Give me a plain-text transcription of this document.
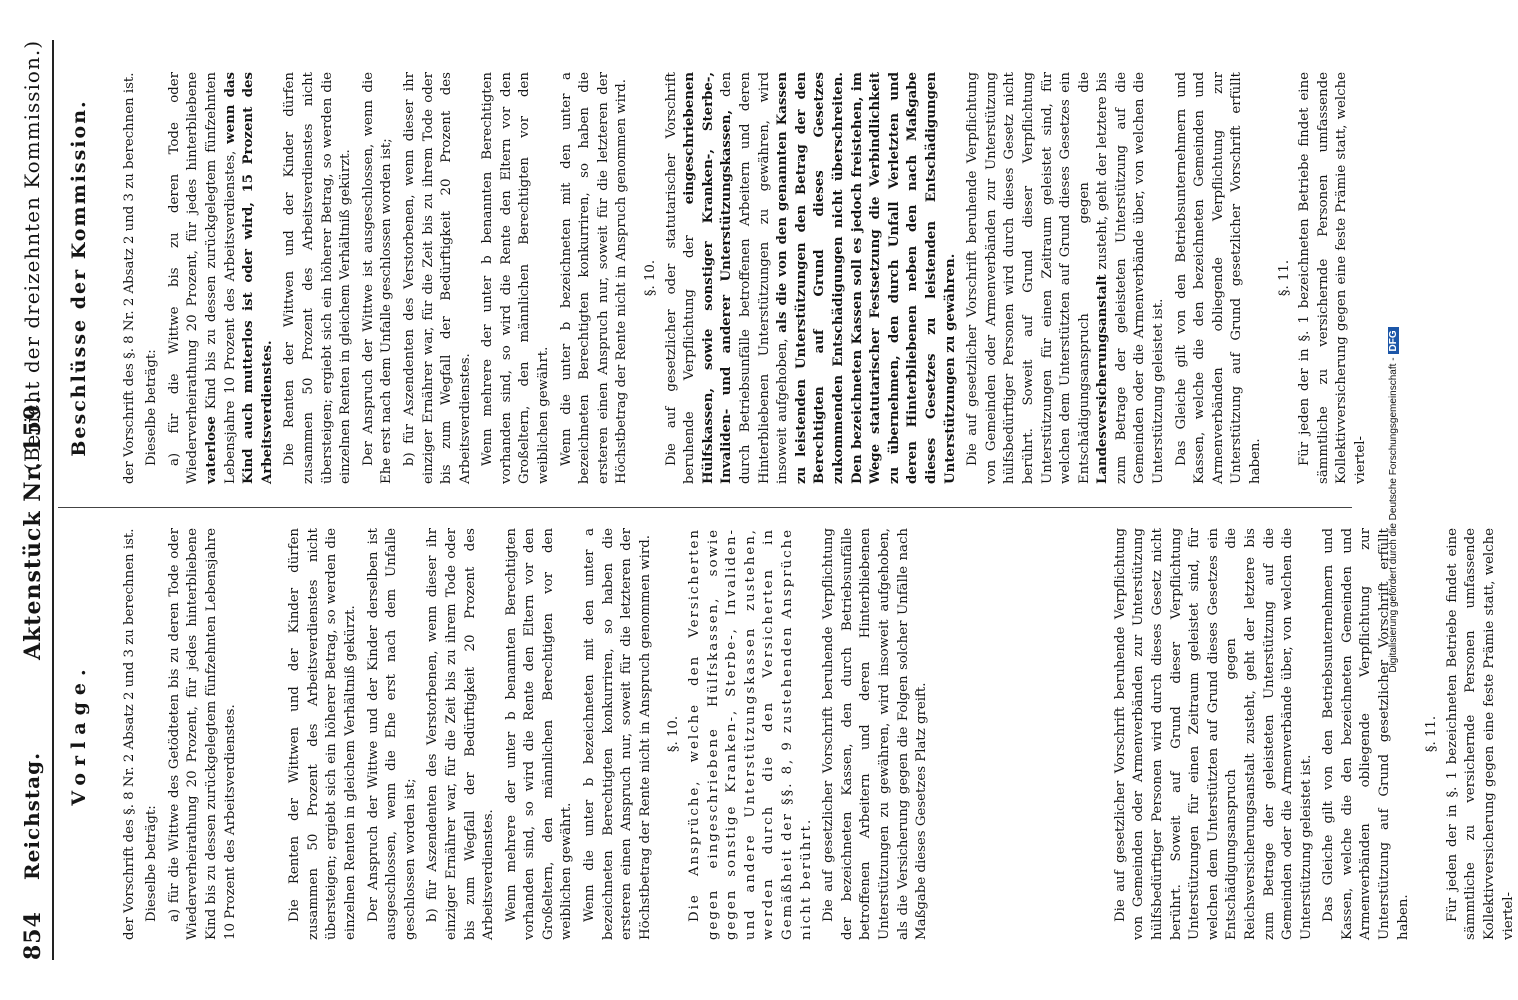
854
Reichstag.
Aktenstück Nr. 159.
(Bericht der dreizehnten Kommission.)
Vorlage. der Vorschrift des §. 8 Nr. 2 Absatz 2 und 3 zu berechnen ist. Dieselbe beträgt: a) für die Wittwe des Getödteten bis zu deren Tode oder Wiederverheirathung 20 Prozent, für jedes hinterbliebene Kind bis zu dessen zurückgelegtem fünfzehnten Lebensjahre 10 Prozent des Arbeitsverdienstes.	Die Renten der Wittwen und der Kinder dürfen zusammen 50 Prozent des Arbeitsverdienstes nicht übersteigen; ergiebt sich ein höherer Betrag, so werden die einzelnen Renten in gleichem Verhältniß gekürzt. Der Anspruch der Wittwe und der Kinder derselben ist ausgeschlossen, wenn die Ehe erst nach dem Unfalle geschlossen worden ist; b) für Aszendenten des Verstorbenen, wenn dieser ihr einziger Ernährer war, für die Zeit bis zu ihrem Tode oder bis zum Wegfall der Bedürftigkeit 20 Prozent des Arbeitsverdienstes. Wenn mehrere der unter b benannten Berechtigten vorhanden sind, so wird die Rente den Eltern vor den Großeltern, den männlichen Berechtigten vor den weiblichen gewährt. Wenn die unter b bezeichneten mit den unter a bezeichneten Berechtigten konkurriren, so haben die ersteren einen Anspruch nur, soweit für die letzteren der Höchstbetrag der Rente nicht in Anspruch genommen wird. §. 10. Die Ansprüche, welche den Versicherten gegen eingeschriebene Hülfskassen, sowie gegen sonstige Kranken-, Sterbe-, Invaliden- und andere Unterstützungskassen zustehen, werden durch die den Versicherten in Gemäßheit der §§. 8, 9 zustehenden Ansprüche nicht berührt. Die auf gesetzlicher Vorschrift beruhende Verpflichtung der bezeichneten Kassen, den durch Betriebsunfälle betroffenen Arbeitern und deren Hinterbliebenen Unterstützungen zu gewähren, wird insoweit aufgehoben, als die Versicherung gegen die Folgen solcher Unfälle nach Maßgabe dieses Gesetzes Platz greift.	Die auf gesetzlicher Vorschrift beruhende Verpflichtung von Gemeinden oder Armenverbänden zur Unterstützung hülfsbedürftiger Personen wird durch dieses Gesetz nicht berührt. Soweit auf Grund dieser Verpflichtung Unterstützungen für einen Zeitraum geleistet sind, für welchen dem Unterstützten auf Grund dieses Gesetzes ein Entschädigungsanspruch gegen die Reichsversicherungsanstalt zusteht, geht der letztere bis zum Betrage der geleisteten Unterstützung auf die Gemeinden oder die Armenverbände über, von welchen die Unterstützung geleistet ist. Das Gleiche gilt von den Betriebsunternehmern und Kassen, welche die den bezeichneten Gemeinden und Armenverbänden obliegende Verpflichtung zur Unterstützung auf Grund gesetzlicher Vorschrift erfüllt haben.

§. 11. Für jeden der in §. 1 bezeichneten Betriebe findet eine sämmtliche zu versichernde Personen umfassende Kollektivversicherung gegen eine feste Prämie statt, welche viertel-

Beschlüsse der Kommission. der Vorschrift des §. 8 Nr. 2 Absatz 2 und 3 zu berechnen ist. Dieselbe beträgt: a) für die Wittwe bis zu deren Tode oder Wiederverheirathung 20 Prozent, für jedes hinterbliebene vaterlose Kind bis zu dessen zurückgelegtem fünfzehnten Lebensjahre 10 Prozent des Arbeitsverdienstes, wenn das Kind auch mutterlos ist oder wird, 15 Prozent des Arbeitsverdienstes. Die Renten der Wittwen und der Kinder dürfen zusammen 50 Prozent des Arbeitsverdienstes nicht übersteigen; ergiebt sich ein höherer Betrag, so werden die einzelnen Renten in gleichem Verhältniß gekürzt. Der Anspruch der Wittwe ist ausgeschlossen, wenn die Ehe erst nach dem Unfalle geschlossen worden ist; b) für Aszendenten des Verstorbenen, wenn dieser ihr einziger Ernährer war, für die Zeit bis zu ihrem Tode oder bis zum Wegfall der Bedürftigkeit 20 Prozent des Arbeitsverdienstes. Wenn mehrere der unter b benannten Berechtigten vorhanden sind, so wird die Rente den Eltern vor den Großeltern, den männlichen Berechtigten vor den weiblichen gewährt. Wenn die unter b bezeichneten mit den unter a bezeichneten Berechtigten konkurriren, so haben die ersteren einen Anspruch nur, soweit für die letzteren der Höchstbetrag der Rente nicht in Anspruch genommen wird. §. 10. Die auf gesetzlicher oder statutarischer Vorschrift beruhende Verpflichtung der eingeschriebenen Hülfskassen, sowie sonstiger Kranken-, Sterbe-, Invaliden- und anderer Unterstützungskassen, den durch Betriebsunfälle betroffenen Arbeitern und deren Hinterbliebenen Unterstützungen zu gewähren, wird insoweit aufgehoben, als die von den genannten Kassen zu leistenden Unterstützungen den Betrag der den Berechtigten auf Grund dieses Gesetzes zukommenden Entschädigungen nicht überschreiten. Den bezeichneten Kassen soll es jedoch freistehen, im Wege statutarischer Festsetzung die Verbindlichkeit zu übernehmen, den durch Unfall Verletzten und deren Hinterbliebenen neben den nach Maßgabe dieses Gesetzes zu leistenden Entschädigungen Unterstützungen zu gewähren. Die auf gesetzlicher Vorschrift beruhende Verpflichtung von Gemeinden oder Armenverbänden zur Unterstützung hülfsbedürftiger Personen wird durch dieses Gesetz nicht berührt. Soweit auf Grund dieser Verpflichtung Unterstützungen für einen Zeitraum geleistet sind, für welchen dem Unterstützten auf Grund dieses Gesetzes ein Entschädigungsanspruch gegen die Landesversicherungsanstalt zusteht, geht der letztere bis zum Betrage der geleisteten Unterstützung auf die Gemeinden oder die Armenverbände über, von welchen die Unterstützung geleistet ist. Das Gleiche gilt von den Betriebsunternehmern und Kassen, welche die den bezeichneten Gemeinden und Armenverbänden obliegende Verpflichtung zur Unterstützung auf Grund gesetzlicher Vorschrift erfüllt haben.

§. 11. Für jeden der in §. 1 bezeichneten Betriebe findet eine sämmtliche zu versichernde Personen umfassende Kollektivversicherung gegen eine feste Prämie statt, welche viertel- Digitalisierung gefördert durch die Deutsche Forschungsgemeinschaft -DFG
